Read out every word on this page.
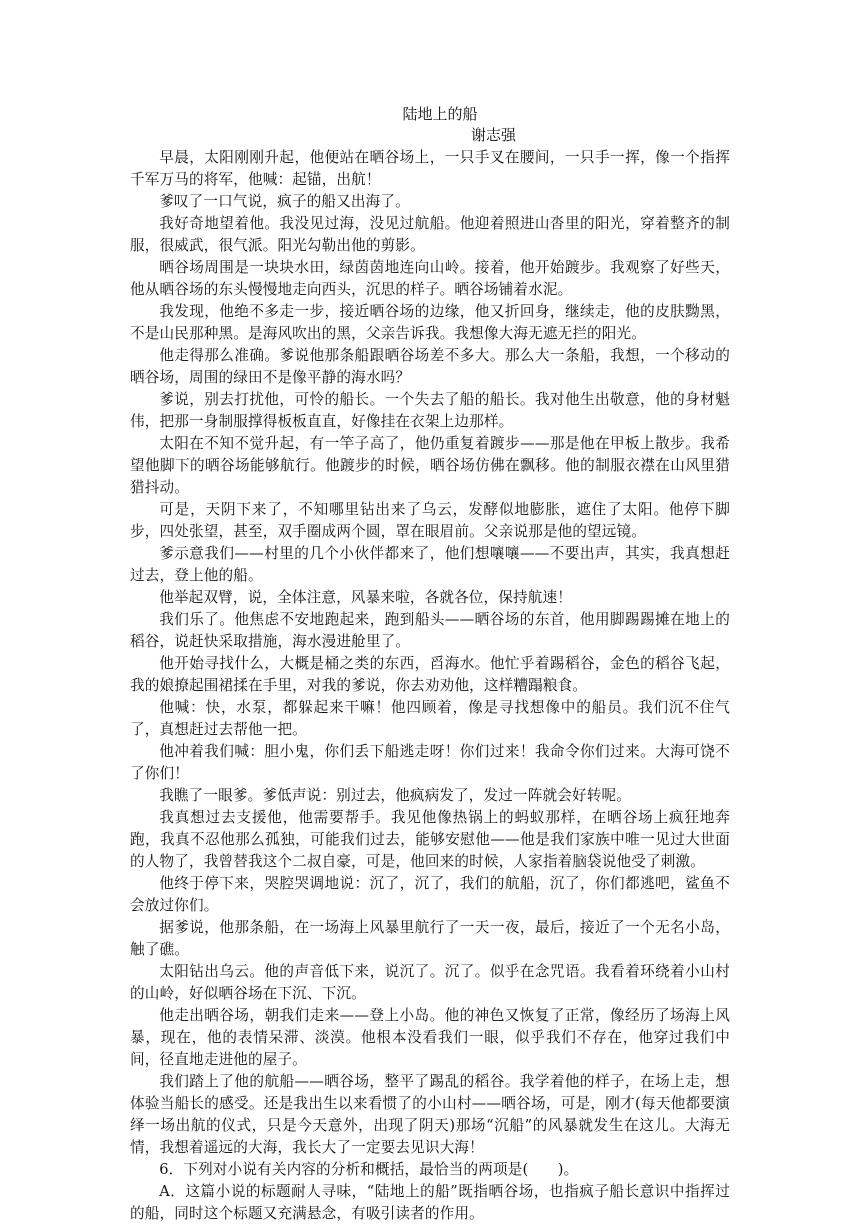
陆地上的船

谢志强

早晨，太阳刚刚升起，他便站在晒谷场上，一只手叉在腰间，一只手一挥，像一个指挥千军万马的将军，他喊：起锚，出航！

爹叹了一口气说，疯子的船又出海了。

我好奇地望着他。我没见过海，没见过航船。他迎着照进山沓里的阳光，穿着整齐的制服，很威武，很气派。阳光勾勒出他的剪影。

晒谷场周围是一块块水田，绿茵茵地连向山岭。接着，他开始踱步。我观察了好些天，他从晒谷场的东头慢慢地走向西头，沉思的样子。晒谷场铺着水泥。

我发现，他绝不多走一步，接近晒谷场的边缘，他又折回身，继续走，他的皮肤黝黑，不是山民那种黑。是海风吹出的黑，父亲告诉我。我想像大海无遮无拦的阳光。

他走得那么准确。爹说他那条船跟晒谷场差不多大。那么大一条船，我想，一个移动的晒谷场，周围的绿田不是像平静的海水吗？

爹说，别去打扰他，可怜的船长。一个失去了船的船长。我对他生出敬意，他的身材魁伟，把那一身制服撑得板板直直，好像挂在衣架上边那样。

太阳在不知不觉升起，有一竿子高了，他仍重复着踱步——那是他在甲板上散步。我希望他脚下的晒谷场能够航行。他踱步的时候，晒谷场仿佛在飘移。他的制服衣襟在山风里猎猎抖动。

可是，天阴下来了，不知哪里钻出来了乌云，发酵似地膨胀，遮住了太阳。他停下脚步，四处张望，甚至，双手圈成两个圆，罩在眼眉前。父亲说那是他的望远镜。

爹示意我们——村里的几个小伙伴都来了，他们想嚷嚷——不要出声，其实，我真想赶过去，登上他的船。

他举起双臂，说，全体注意，风暴来啦，各就各位，保持航速！

我们乐了。他焦虑不安地跑起来，跑到船头——晒谷场的东首，他用脚踢踢摊在地上的稻谷，说赶快采取措施，海水漫进舱里了。

他开始寻找什么，大概是桶之类的东西，舀海水。他忙乎着踢稻谷，金色的稻谷飞起，我的娘撩起围裙揉在手里，对我的爹说，你去劝劝他，这样糟蹋粮食。

他喊：快，水泵，都躲起来干嘛！他四顾着，像是寻找想像中的船员。我们沉不住气了，真想赶过去帮他一把。

他冲着我们喊：胆小鬼，你们丢下船逃走呀！你们过来！我命令你们过来。大海可饶不了你们！

我瞧了一眼爹。爹低声说：别过去，他疯病发了，发过一阵就会好转呢。

我真想过去支援他，他需要帮手。我见他像热锅上的蚂蚁那样，在晒谷场上疯狂地奔跑，我真不忍他那么孤独，可能我们过去，能够安慰他——他是我们家族中唯一见过大世面的人物了，我曾替我这个二叔自豪，可是，他回来的时候，人家指着脑袋说他受了刺激。

他终于停下来，哭腔哭调地说：沉了，沉了，我们的航船，沉了，你们都逃吧，鲨鱼不会放过你们。

据爹说，他那条船，在一场海上风暴里航行了一天一夜，最后，接近了一个无名小岛，触了礁。

太阳钻出乌云。他的声音低下来，说沉了。沉了。似乎在念咒语。我看着环绕着小山村的山岭，好似晒谷场在下沉、下沉。

他走出晒谷场，朝我们走来——登上小岛。他的神色又恢复了正常，像经历了场海上风暴，现在，他的表情呆滞、淡漠。他根本没看我们一眼，似乎我们不存在，他穿过我们中间，径直地走进他的屋子。

我们踏上了他的航船——晒谷场，整平了踢乱的稻谷。我学着他的样子，在场上走，想体验当船长的感受。还是我出生以来看惯了的小山村——晒谷场，可是，刚才(每天他都要演绎一场出航的仪式，只是今天意外，出现了阴天)那场“沉船”的风暴就发生在这儿。大海无情，我想着遥远的大海，我长大了一定要去见识大海！

6．下列对小说有关内容的分析和概括，最恰当的两项是(　　)。

A．这篇小说的标题耐人寻味，“陆地上的船”既指晒谷场，也指疯子船长意识中指挥过的船，同时这个标题又充满悬念，有吸引读者的作用。
